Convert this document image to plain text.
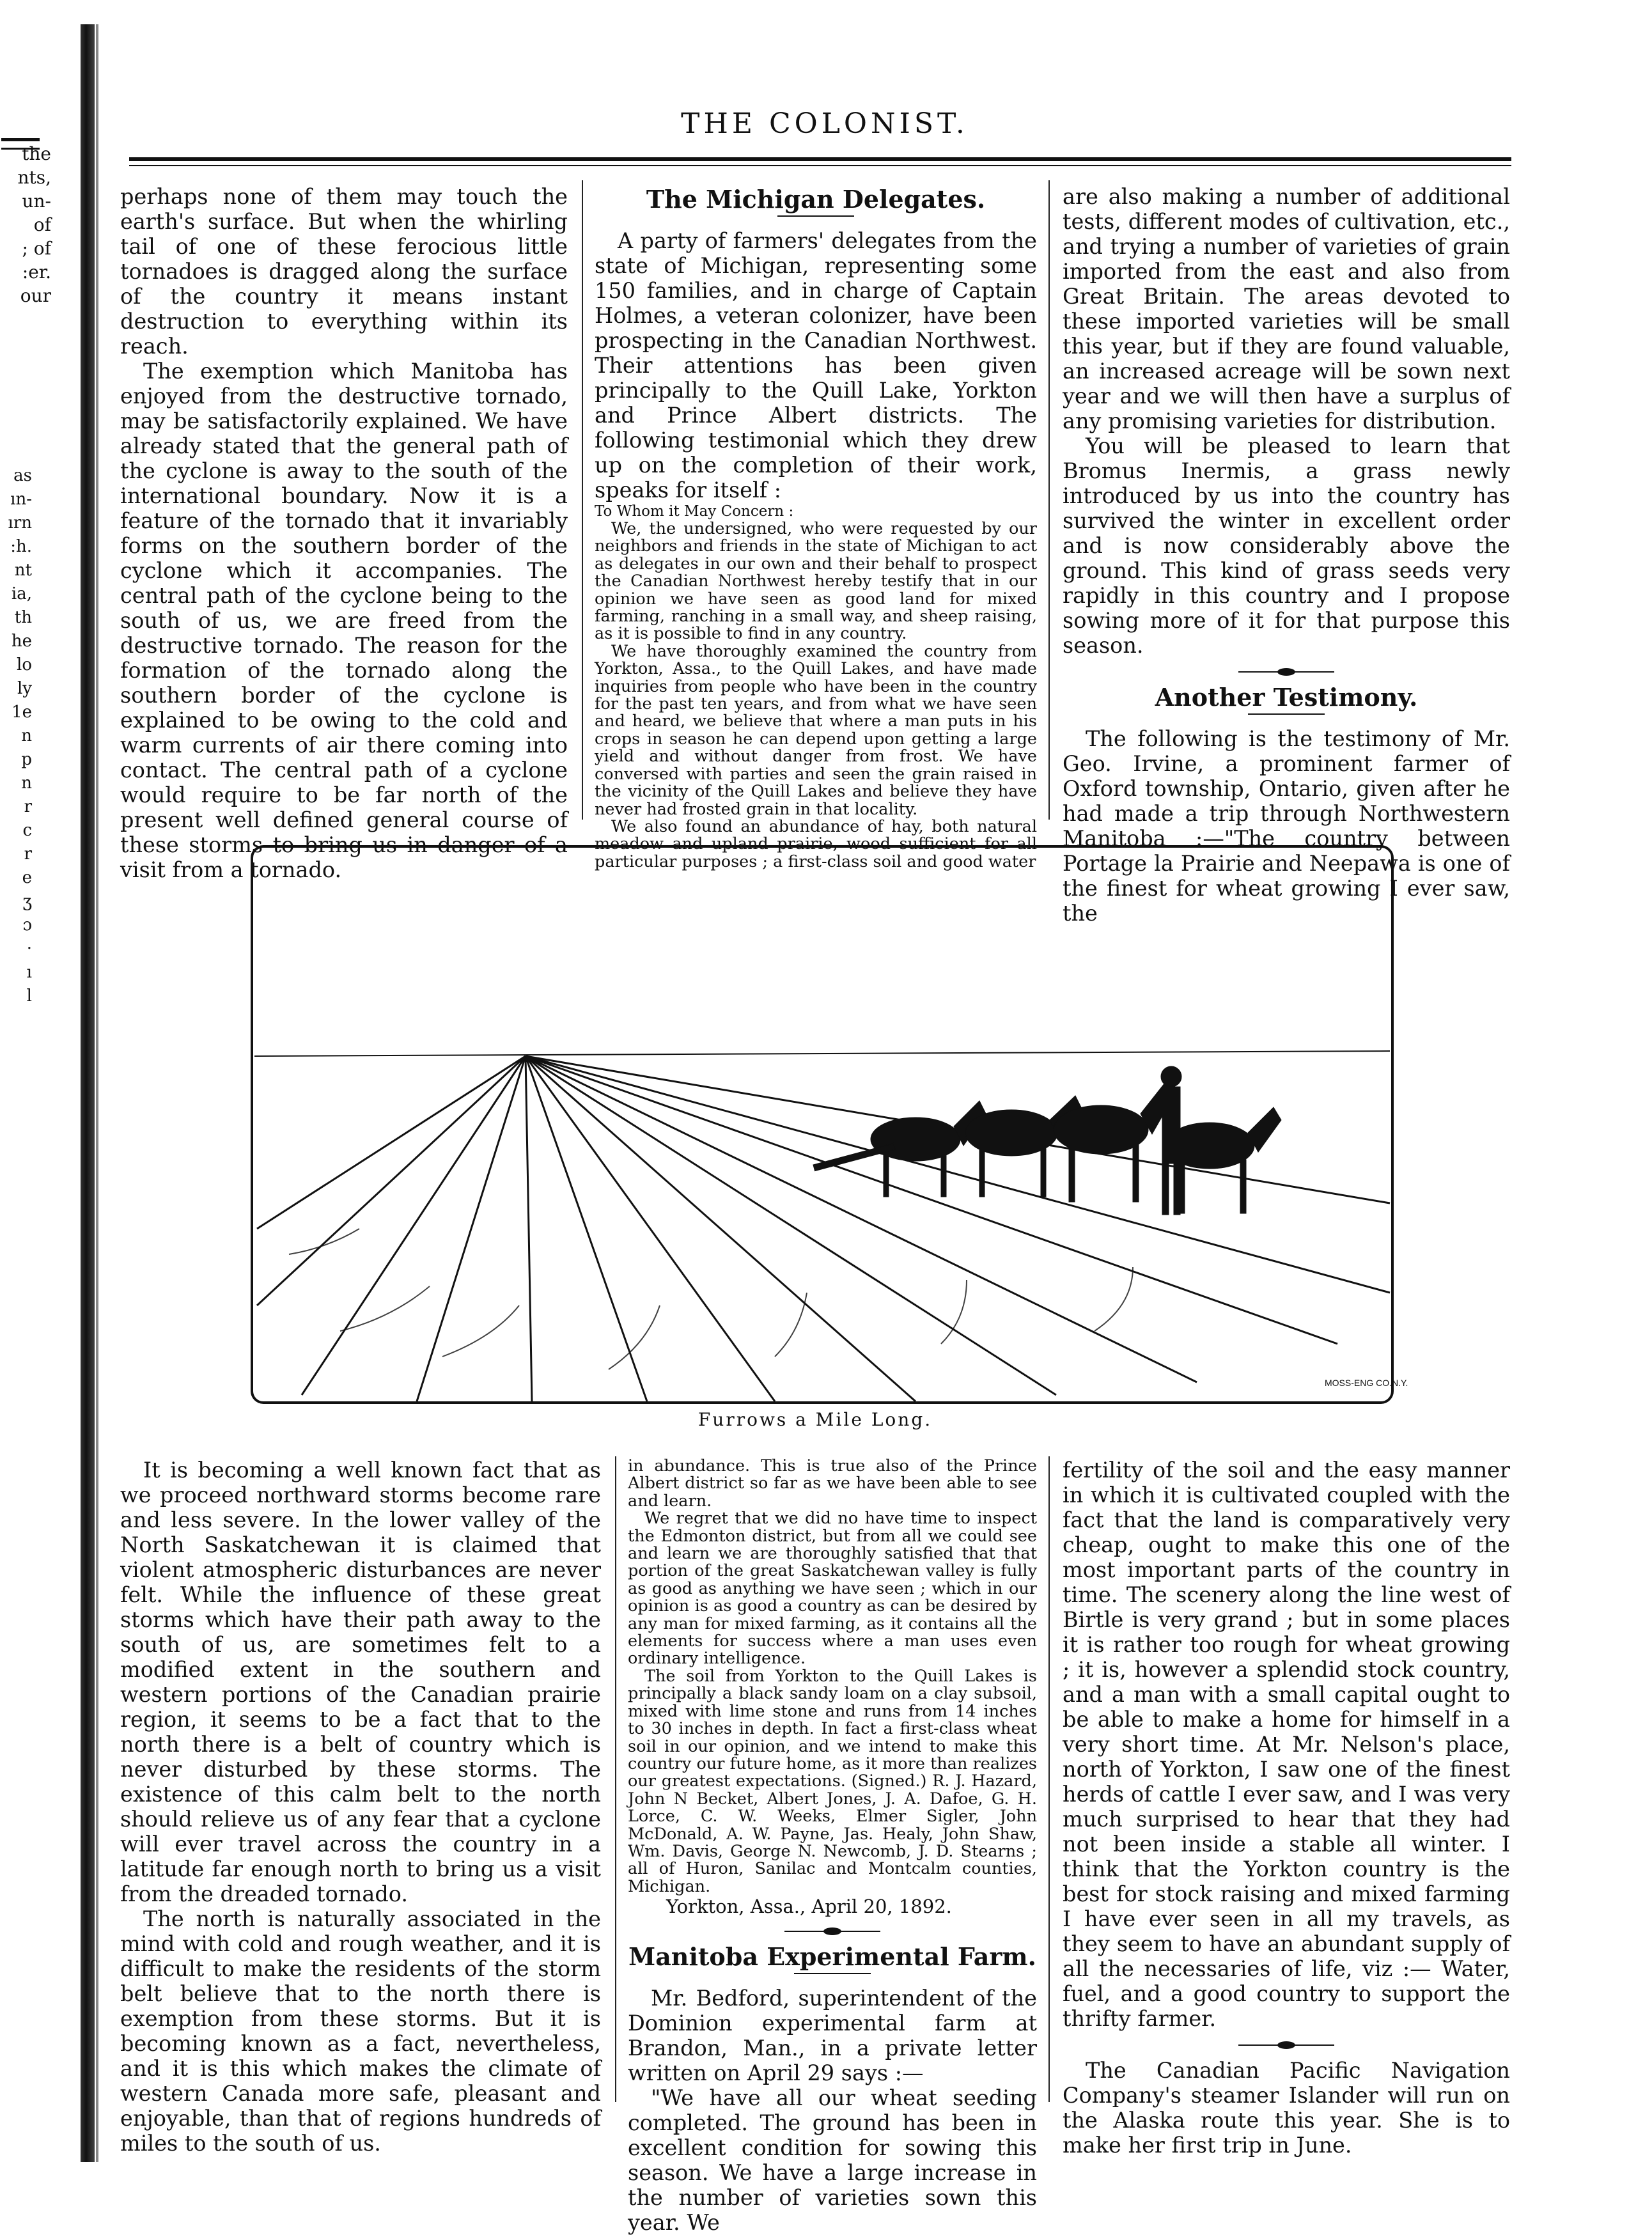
the
nts,
un-
of
; of
:er.
our
as
ın-
ırn
:h.
nt
ia,
th
he
lo
ly
1e
n
p
n
r
c
r
e
ʒ
ɔ
·
ı
l
THE COLONIST.

perhaps none of them may touch the earth's surface. But when the whirling tail of one of these ferocious little tornadoes is dragged along the surface of the country it means instant destruction to everything within its reach.

The exemption which Manitoba has enjoyed from the destructive tornado, may be satisfactorily explained. We have already stated that the general path of the cyclone is away to the south of the international boundary. Now it is a feature of the tornado that it invariably forms on the southern border of the cyclone which it accompanies. The central path of the cyclone being to the south of us, we are freed from the destructive tornado. The reason for the formation of the tornado along the southern border of the cyclone is explained to be owing to the cold and warm currents of air there coming into contact. The central path of a cyclone would require to be far north of the present well defined general course of these storms to bring us in danger of a visit from a tornado.

The Michigan Delegates.

A party of farmers' delegates from the state of Michigan, representing some 150 families, and in charge of Captain Holmes, a veteran colonizer, have been prospecting in the Canadian Northwest. Their attentions has been given principally to the Quill Lake, Yorkton and Prince Albert districts. The following testimonial which they drew up on the completion of their work, speaks for itself :

To Whom it May Concern :

We, the undersigned, who were requested by our neighbors and friends in the state of Michigan to act as delegates in our own and their behalf to prospect the Canadian Northwest hereby testify that in our opinion we have seen as good land for mixed farming, ranching in a small way, and sheep raising, as it is possible to find in any country.

We have thoroughly examined the country from Yorkton, Assa., to the Quill Lakes, and have made inquiries from people who have been in the country for the past ten years, and from what we have seen and heard, we believe that where a man puts in his crops in season he can depend upon getting a large yield and without danger from frost. We have conversed with parties and seen the grain raised in the vicinity of the Quill Lakes and believe they have never had frosted grain in that locality.

We also found an abundance of hay, both natural meadow and upland prairie, wood sufficient for all particular purposes ; a first-class soil and good water

are also making a number of additional tests, different modes of cultivation, etc., and trying a number of varieties of grain imported from the east and also from Great Britain. The areas devoted to these imported varieties will be small this year, but if they are found valuable, an increased acreage will be sown next year and we will then have a surplus of any promising varieties for distribution.

You will be pleased to learn that Bromus Inermis, a grass newly introduced by us into the country has survived the winter in excellent order and is now considerably above the ground. This kind of grass seeds very rapidly in this country and I propose sowing more of it for that purpose this season.

Another Testimony.

The following is the testimony of Mr. Geo. Irvine, a prominent farmer of Oxford township, Ontario, given after he had made a trip through Northwestern Manitoba :—"The country between Portage la Prairie and Neepawa is one of the finest for wheat growing I ever saw, the

MOSS-ENG CO.N.Y.
Furrows a Mile Long.

It is becoming a well known fact that as we proceed northward storms become rare and less severe. In the lower valley of the North Saskatchewan it is claimed that violent atmospheric disturbances are never felt. While the influence of these great storms which have their path away to the south of us, are sometimes felt to a modified extent in the southern and western portions of the Canadian prairie region, it seems to be a fact that to the north there is a belt of country which is never disturbed by these storms. The existence of this calm belt to the north should relieve us of any fear that a cyclone will ever travel across the country in a latitude far enough north to bring us a visit from the dreaded tornado.

The north is naturally associated in the mind with cold and rough weather, and it is difficult to make the residents of the storm belt believe that to the north there is exemption from these storms. But it is becoming known as a fact, nevertheless, and it is this which makes the climate of western Canada more safe, pleasant and enjoyable, than that of regions hundreds of miles to the south of us.

in abundance. This is true also of the Prince Albert district so far as we have been able to see and learn.

We regret that we did no have time to inspect the Edmonton district, but from all we could see and learn we are thoroughly satisfied that that portion of the great Saskatchewan valley is fully as good as anything we have seen ; which in our opinion is as good a country as can be desired by any man for mixed farming, as it contains all the elements for success where a man uses even ordinary intelligence.

The soil from Yorkton to the Quill Lakes is principally a black sandy loam on a clay subsoil, mixed with lime stone and runs from 14 inches to 30 inches in depth. In fact a first-class wheat soil in our opinion, and we intend to make this country our future home, as it more than realizes our greatest expectations. (Signed.) R. J. Hazard, John N Becket, Albert Jones, J. A. Dafoe, G. H. Lorce, C. W. Weeks, Elmer Sigler, John McDonald, A. W. Payne, Jas. Healy, John Shaw, Wm. Davis, George N. Newcomb, J. D. Stearns ; all of Huron, Sanilac and Montcalm counties, Michigan.

Yorkton, Assa., April 20, 1892.

Manitoba Experimental Farm.

Mr. Bedford, superintendent of the Dominion experimental farm at Brandon, Man., in a private letter written on April 29 says :—

"We have all our wheat seeding completed. The ground has been in excellent condition for sowing this season. We have a large increase in the number of varieties sown this year. We

fertility of the soil and the easy manner in which it is cultivated coupled with the fact that the land is comparatively very cheap, ought to make this one of the most important parts of the country in time. The scenery along the line west of Birtle is very grand ; but in some places it is rather too rough for wheat growing ; it is, however a splendid stock country, and a man with a small capital ought to be able to make a home for himself in a very short time. At Mr. Nelson's place, north of Yorkton, I saw one of the finest herds of cattle I ever saw, and I was very much surprised to hear that they had not been inside a stable all winter. I think that the Yorkton country is the best for stock raising and mixed farming I have ever seen in all my travels, as they seem to have an abundant supply of all the necessaries of life, viz :— Water, fuel, and a good country to support the thrifty farmer.

The Canadian Pacific Navigation Company's steamer Islander will run on the Alaska route this year. She is to make her first trip in June.
